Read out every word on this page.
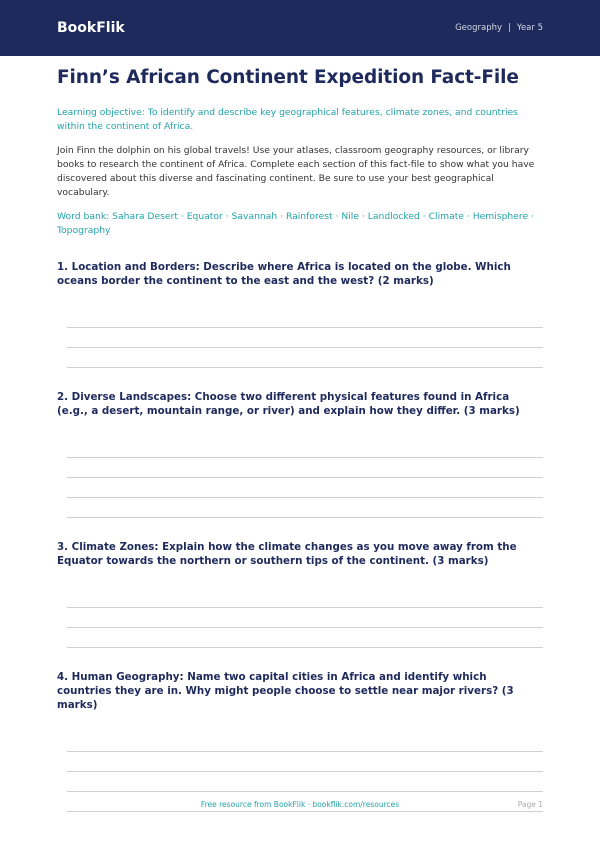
BookFlik	Geography | Year 5
Finn’s African Continent Expedition Fact-File
Learning objective: To identify and describe key geographical features, climate zones, and countries within the continent of Africa.
Join Finn the dolphin on his global travels! Use your atlases, classroom geography resources, or library books to research the continent of Africa. Complete each section of this fact-file to show what you have discovered about this diverse and fascinating continent. Be sure to use your best geographical vocabulary.
Word bank: Sahara Desert · Equator · Savannah · Rainforest · Nile · Landlocked · Climate · Hemisphere · Topography
1. Location and Borders: Describe where Africa is located on the globe. Which oceans border the continent to the east and the west? (2 marks)
2. Diverse Landscapes: Choose two different physical features found in Africa (e.g., a desert, mountain range, or river) and explain how they differ. (3 marks)
3. Climate Zones: Explain how the climate changes as you move away from the Equator towards the northern or southern tips of the continent. (3 marks)
4. Human Geography: Name two capital cities in Africa and identify which countries they are in. Why might people choose to settle near major rivers? (3 marks)
Free resource from BookFlik · bookflik.com/resources	Page 1
